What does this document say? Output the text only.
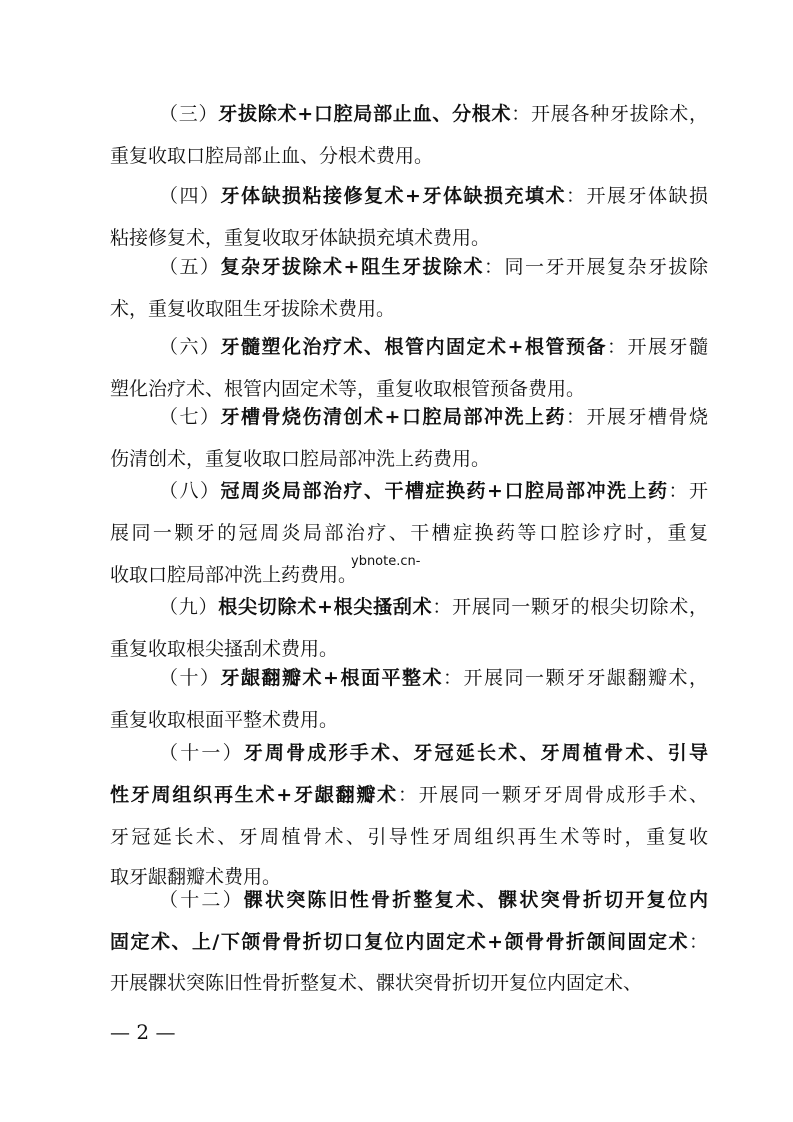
（三）牙拔除术+口腔局部止血、分根术：开展各种牙拔除术，
重复收取口腔局部止血、分根术费用。
（四）牙体缺损粘接修复术+牙体缺损充填术：开展牙体缺损
粘接修复术，重复收取牙体缺损充填术费用。
（五）复杂牙拔除术+阻生牙拔除术：同一牙开展复杂牙拔除
术，重复收取阻生牙拔除术费用。
（六）牙髓塑化治疗术、根管内固定术+根管预备：开展牙髓
塑化治疗术、根管内固定术等，重复收取根管预备费用。
（七）牙槽骨烧伤清创术+口腔局部冲洗上药：开展牙槽骨烧
伤清创术，重复收取口腔局部冲洗上药费用。
（八）冠周炎局部治疗、干槽症换药+口腔局部冲洗上药：开
展同一颗牙的冠周炎局部治疗、干槽症换药等口腔诊疗时，重复
收取口腔局部冲洗上药费用。
（九）根尖切除术+根尖搔刮术：开展同一颗牙的根尖切除术，
重复收取根尖搔刮术费用。
（十）牙龈翻瓣术+根面平整术：开展同一颗牙牙龈翻瓣术，
重复收取根面平整术费用。
（十一）牙周骨成形手术、牙冠延长术、牙周植骨术、引导
性牙周组织再生术+牙龈翻瓣术：开展同一颗牙牙周骨成形手术、
牙冠延长术、牙周植骨术、引导性牙周组织再生术等时，重复收
取牙龈翻瓣术费用。
（十二）髁状突陈旧性骨折整复术、髁状突骨折切开复位内
固定术、上/下颌骨骨折切口复位内固定术+颌骨骨折颌间固定术：
开展髁状突陈旧性骨折整复术、髁状突骨折切开复位内固定术、
ybnote.cn-
— 2 —
